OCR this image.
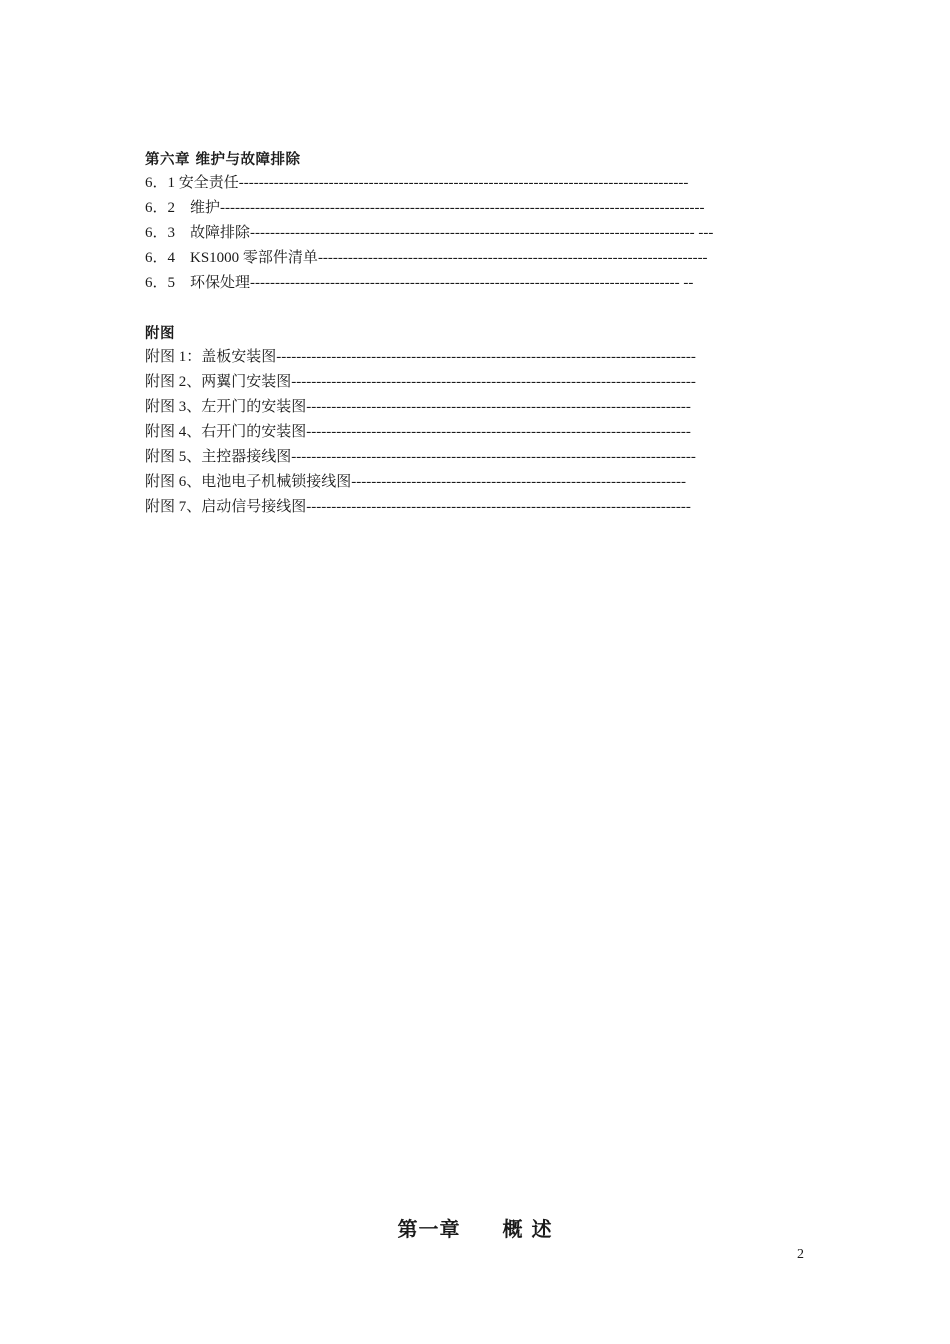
第六章 维护与故障排除
6．1 安全责任------------------------------------------------------------------------------------------
6．2　维护-------------------------------------------------------------------------------------------------
6．3　故障排除----------------------------------------------------------------------------------------- ---
6．4　KS1000 零部件清单------------------------------------------------------------------------------
6．5　环保处理-------------------------------------------------------------------------------------- --
附图
附图 1：盖板安装图------------------------------------------------------------------------------------
附图 2、两翼门安装图---------------------------------------------------------------------------------
附图 3、左开门的安装图-----------------------------------------------------------------------------
附图 4、右开门的安装图-----------------------------------------------------------------------------
附图 5、主控器接线图---------------------------------------------------------------------------------
附图 6、电池电子机械锁接线图-------------------------------------------------------------------
附图 7、启动信号接线图-----------------------------------------------------------------------------
第一章　　概 述
2
